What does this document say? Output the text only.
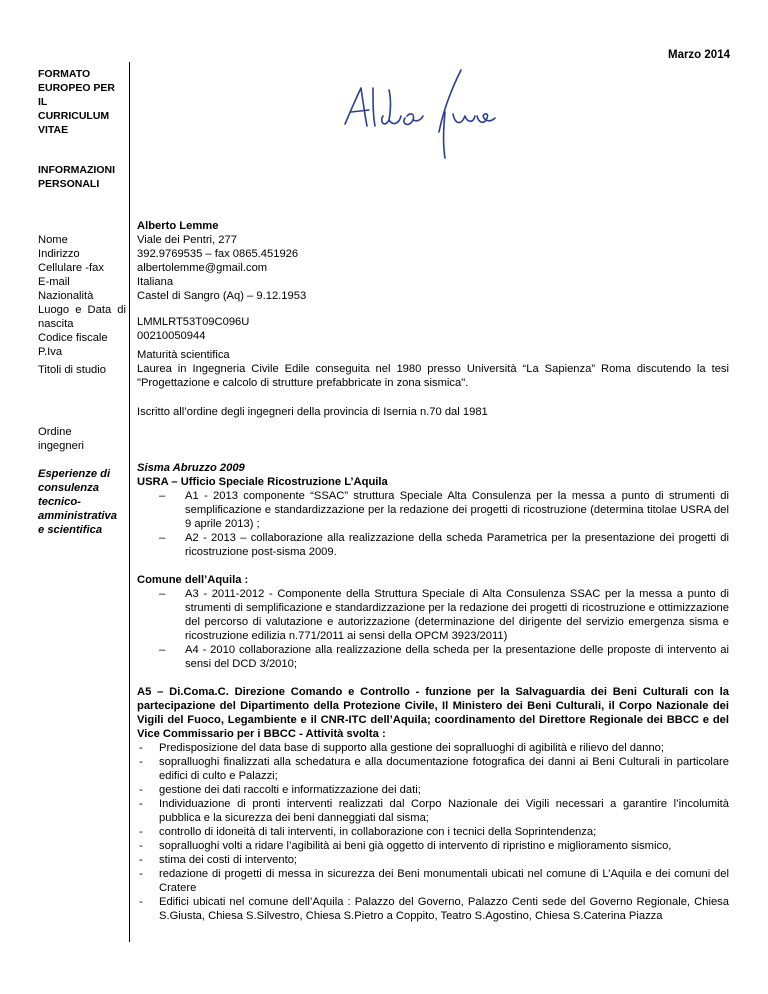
Marzo 2014
FORMATO
EUROPEO PER
IL
CURRICULUM
VITAE
INFORMAZIONI
PERSONALI
Nome
Indirizzo
Cellulare -fax
E-mail
Nazionalità
Luogo e Data di
nascita
Codice fiscale
P.Iva
Titoli di studio
Ordine
ingegneri
Esperienze di
consulenza
tecnico-
amministrativa
e scientifica
Alberto Lemme
Viale dei Pentri, 277
392.9769535 – fax 0865.451926
albertolemme@gmail.com
Italiana
Castel di Sangro (Aq) – 9.12.1953
LMMLRT53T09C096U
00210050944
Maturità scientifica
Laurea in Ingegneria Civile Edile conseguita nel 1980 presso Università “La Sapienza” Roma discutendo la tesi "Progettazione e calcolo di strutture prefabbricate in zona sismica".
Iscritto all’ordine degli ingegneri della provincia di Isernia n.70 dal 1981
Sisma Abruzzo 2009
USRA – Ufficio Speciale Ricostruzione L’Aquila
– A1 - 2013 componente “SSAC” struttura Speciale Alta Consulenza per la messa a punto di strumenti di semplificazione e standardizzazione per la redazione dei progetti di ricostruzione (determina titolae USRA del 9 aprile 2013) ;
– A2 - 2013 – collaborazione alla realizzazione della scheda Parametrica per la presentazione dei progetti di ricostruzione post-sisma 2009.
Comune dell’Aquila :
– A3 - 2011-2012 - Componente della Struttura Speciale di Alta Consulenza SSAC per la messa a punto di strumenti di semplificazione e standardizzazione per la redazione dei progetti di ricostruzione e ottimizzazione del percorso di valutazione e autorizzazione (determinazione del dirigente del servizio emergenza sisma e ricostruzione edilizia n.771/2011 ai sensi della OPCM 3923/2011)
– A4 - 2010 collaborazione alla realizzazione della scheda per la presentazione delle proposte di intervento ai sensi del DCD 3/2010;
A5 – Di.Coma.C. Direzione Comando e Controllo - funzione per la Salvaguardia dei Beni Culturali con la partecipazione del Dipartimento della Protezione Civile, Il Ministero dei Beni Culturali, il Corpo Nazionale dei Vigili del Fuoco, Legambiente e il CNR-ITC dell’Aquila; coordinamento del Direttore Regionale dei BBCC e del Vice Commissario per i BBCC - Attività svolta :
- Predisposizione del data base di supporto alla gestione dei sopralluoghi di agibilità e rilievo del danno;
- sopralluoghi finalizzati alla schedatura e alla documentazione fotografica dei danni ai Beni Culturali in particolare edifici di culto e Palazzi;
- gestione dei dati raccolti e informatizzazione dei dati;
- Individuazione di pronti interventi realizzati dal Corpo Nazionale dei Vigili necessari a garantire l’incolumità pubblica e la sicurezza dei beni danneggiati dal sisma;
- controllo di idoneità di tali interventi, in collaborazione con i tecnici della Soprintendenza;
- sopralluoghi volti a ridare l’agibilità ai beni già oggetto di intervento di ripristino e miglioramento sismico,
- stima dei costi di intervento;
- redazione di progetti di messa in sicurezza dei Beni monumentali ubicati nel comune di L’Aquila e dei comuni del Cratere
- Edifici ubicati nel comune dell’Aquila : Palazzo del Governo, Palazzo Centi sede del Governo Regionale, Chiesa S.Giusta, Chiesa S.Silvestro, Chiesa S.Pietro a Coppito, Teatro S.Agostino, Chiesa S.Caterina Piazza
